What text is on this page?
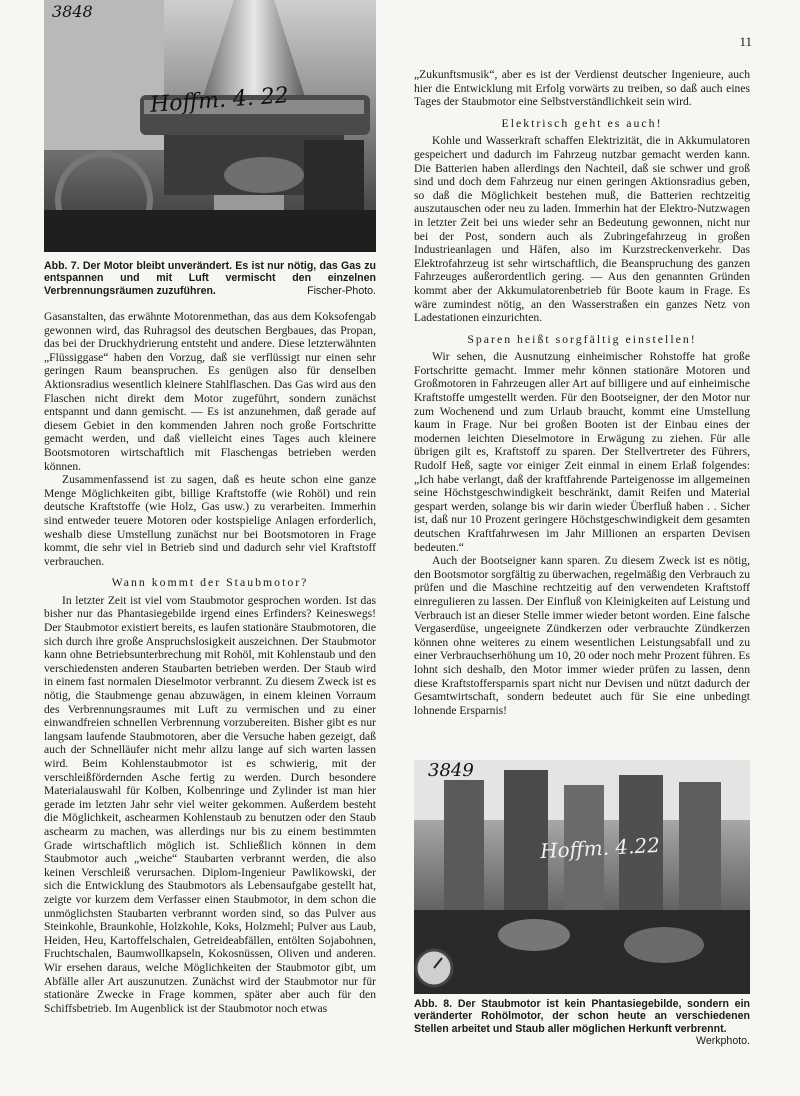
11
3848
Hoffm. 4. 22
Abb. 7. Der Motor bleibt unverändert. Es ist nur nötig, das Gas zu entspannen und mit Luft vermischt den einzelnen Verbrennungsräumen zuzuführen.	Fischer-Photo.

Gasanstalten, das erwähnte Motorenmethan, das aus dem Koksofengab gewonnen wird, das Ruhragsol des deutschen Bergbaues, das Propan, das bei der Druckhydrierung entsteht und andere. Diese letzterwähnten „Flüssiggase“ haben den Vorzug, daß sie verflüssigt nur einen sehr geringen Raum beanspruchen. Es genügen also für denselben Aktionsradius wesentlich kleinere Stahlflaschen. Das Gas wird aus den Flaschen nicht direkt dem Motor zugeführt, sondern zunächst entspannt und dann gemischt. — Es ist anzunehmen, daß gerade auf diesem Gebiet in den kommenden Jahren noch große Fortschritte gemacht werden, und daß vielleicht eines Tages auch kleinere Bootsmotoren wirtschaftlich mit Flaschengas betrieben werden können.

Zusammenfassend ist zu sagen, daß es heute schon eine ganze Menge Möglichkeiten gibt, billige Kraftstoffe (wie Rohöl) und rein deutsche Kraftstoffe (wie Holz, Gas usw.) zu verarbeiten. Immerhin sind entweder teuere Motoren oder kostspielige Anlagen erforderlich, weshalb diese Umstellung zunächst nur bei Bootsmotoren in Frage kommt, die sehr viel in Betrieb sind und dadurch sehr viel Kraftstoff verbrauchen.

Wann kommt der Staubmotor?

In letzter Zeit ist viel vom Staubmotor gesprochen worden. Ist das bisher nur das Phantasiegebilde irgend eines Erfinders? Keineswegs! Der Staubmotor existiert bereits, es laufen stationäre Staubmotoren, die sich durch ihre große Anspruchslosigkeit auszeichnen. Der Staubmotor kann ohne Betriebsunterbrechung mit Rohöl, mit Kohlenstaub und den verschiedensten anderen Staubarten betrieben werden. Der Staub wird in einem fast normalen Dieselmotor verbrannt. Zu diesem Zweck ist es nötig, die Staubmenge genau abzuwägen, in einem kleinen Vorraum des Verbrennungsraumes mit Luft zu vermischen und zu einer einwandfreien schnellen Verbrennung vorzubereiten. Bisher gibt es nur langsam laufende Staubmotoren, aber die Versuche haben gezeigt, daß auch der Schnelläufer nicht mehr allzu lange auf sich warten lassen wird. Beim Kohlenstaubmotor ist es schwierig, mit der verschleißfördernden Asche fertig zu werden. Durch besondere Materialauswahl für Kolben, Kolbenringe und Zylinder ist man hier gerade im letzten Jahr sehr viel weiter gekommen. Außerdem besteht die Möglichkeit, aschearmen Kohlenstaub zu benutzen oder den Staub aschearm zu machen, was allerdings nur bis zu einem bestimmten Grade wirtschaftlich möglich ist. Schließlich können in dem Staubmotor auch „weiche“ Staubarten verbrannt werden, die also keinen Verschleiß verursachen. Diplom-Ingenieur Pawlikowski, der sich die Entwicklung des Staubmotors als Lebensaufgabe gestellt hat, zeigte vor kurzem dem Verfasser einen Staubmotor, in dem schon die unmöglichsten Staubarten verbrannt worden sind, so das Pulver aus Steinkohle, Braunkohle, Holzkohle, Koks, Holzmehl; Pulver aus Laub, Heiden, Heu, Kartoffelschalen, Getreideabfällen, entölten Sojabohnen, Fruchtschalen, Baumwollkapseln, Kokosnüssen, Oliven und anderen. Wir ersehen daraus, welche Möglichkeiten der Staubmotor gibt, um Abfälle aller Art auszunutzen. Zunächst wird der Staubmotor nur für stationäre Zwecke in Frage kommen, später aber auch für den Schiffsbetrieb. Im Augenblick ist der Staubmotor noch etwas

„Zukunftsmusik“, aber es ist der Verdienst deutscher Ingenieure, auch hier die Entwicklung mit Erfolg vorwärts zu treiben, so daß auch eines Tages der Staubmotor eine Selbstverständlichkeit sein wird.

Elektrisch geht es auch!

Kohle und Wasserkraft schaffen Elektrizität, die in Akkumulatoren gespeichert und dadurch im Fahrzeug nutzbar gemacht werden kann. Die Batterien haben allerdings den Nachteil, daß sie schwer und groß sind und doch dem Fahrzeug nur einen geringen Aktionsradius geben, so daß die Möglichkeit bestehen muß, die Batterien rechtzeitig auszutauschen oder neu zu laden. Immerhin hat der Elektro-Nutzwagen in letzter Zeit bei uns wieder sehr an Bedeutung gewonnen, nicht nur bei der Post, sondern auch als Zubringefahrzeug in großen Industrieanlagen und Häfen, also im Kurzstreckenverkehr. Das Elektrofahrzeug ist sehr wirtschaftlich, die Beanspruchung des ganzen Fahrzeuges außerordentlich gering. — Aus den genannten Gründen kommt aber der Akkumulatorenbetrieb für Boote kaum in Frage. Es wäre zumindest nötig, an den Wasserstraßen ein ganzes Netz von Ladestationen einzurichten.

Sparen heißt sorgfältig einstellen!

Wir sehen, die Ausnutzung einheimischer Rohstoffe hat große Fortschritte gemacht. Immer mehr können stationäre Motoren und Großmotoren in Fahrzeugen aller Art auf billigere und auf einheimische Kraftstoffe umgestellt werden. Für den Bootseigner, der den Motor nur zum Wochenend und zum Urlaub braucht, kommt eine Umstellung kaum in Frage. Nur bei großen Booten ist der Einbau eines der modernen leichten Dieselmotore in Erwägung zu ziehen. Für alle übrigen gilt es, Kraftstoff zu sparen. Der Stellvertreter des Führers, Rudolf Heß, sagte vor einiger Zeit einmal in einem Erlaß folgendes: „Ich habe verlangt, daß der kraftfahrende Parteigenosse im allgemeinen seine Höchstgeschwindigkeit beschränkt, damit Reifen und Material gespart werden, solange bis wir darin wieder Überfluß haben . . Sicher ist, daß nur 10 Prozent geringere Höchstgeschwindigkeit dem gesamten deutschen Kraftfahrwesen im Jahr Millionen an ersparten Devisen bedeuten.“

Auch der Bootseigner kann sparen. Zu diesem Zweck ist es nötig, den Bootsmotor sorgfältig zu überwachen, regelmäßig den Verbrauch zu prüfen und die Maschine rechtzeitig auf den verwendeten Kraftstoff einregulieren zu lassen. Der Einfluß von Kleinigkeiten auf Leistung und Verbrauch ist an dieser Stelle immer wieder betont worden. Eine falsche Vergaserdüse, ungeeignete Zündkerzen oder verbrauchte Zündkerzen können ohne weiteres zu einem wesentlichen Leistungsabfall und zu einer Verbrauchserhöhung um 10, 20 oder noch mehr Prozent führen. Es lohnt sich deshalb, den Motor immer wieder prüfen zu lassen, denn diese Kraftstoffersparnis spart nicht nur Devisen und nützt dadurch der Gesamtwirtschaft, sondern bedeutet auch für Sie eine unbedingt lohnende Ersparnis!

3849
Hoffm. 4.22
Abb. 8. Der Staubmotor ist kein Phantasiegebilde, sondern ein veränderter Rohölmotor, der schon heute an verschiedenen Stellen arbeitet und Staub aller möglichen Herkunft verbrennt.
Werkphoto.
